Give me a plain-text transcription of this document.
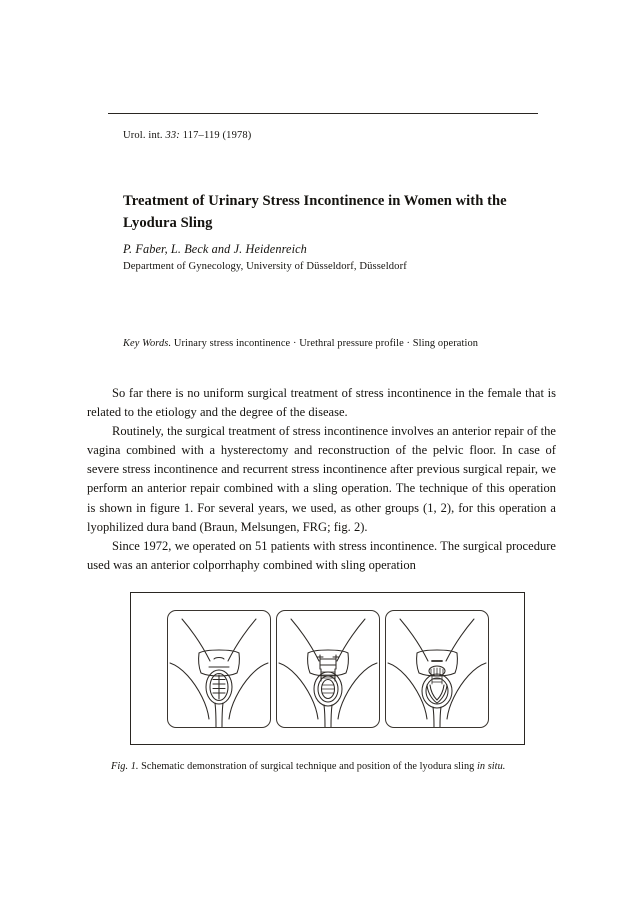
Urol. int. 33: 117–119 (1978)
Treatment of Urinary Stress Incontinence in Women with the Lyodura Sling
P. Faber, L. Beck and J. Heidenreich
Department of Gynecology, University of Düsseldorf, Düsseldorf
Key Words. Urinary stress incontinence · Urethral pressure profile · Sling operation

So far there is no uniform surgical treatment of stress incontinence in the female that is related to the etiology and the degree of the disease.

Routinely, the surgical treatment of stress incontinence involves an anterior repair of the vagina combined with a hysterectomy and reconstruction of the pelvic floor. In case of severe stress incontinence and recurrent stress incontinence after previous surgical repair, we perform an anterior repair combined with a sling operation. The technique of this operation is shown in figure 1. For several years, we used, as other groups (1, 2), for this operation a lyophilized dura band (Braun, Melsungen, FRG; fig. 2).

Since 1972, we operated on 51 patients with stress incontinence. The surgical procedure used was an anterior colporrhaphy combined with sling operation

Fig. 1. Schematic demonstration of surgical technique and position of the lyodura sling in situ.
